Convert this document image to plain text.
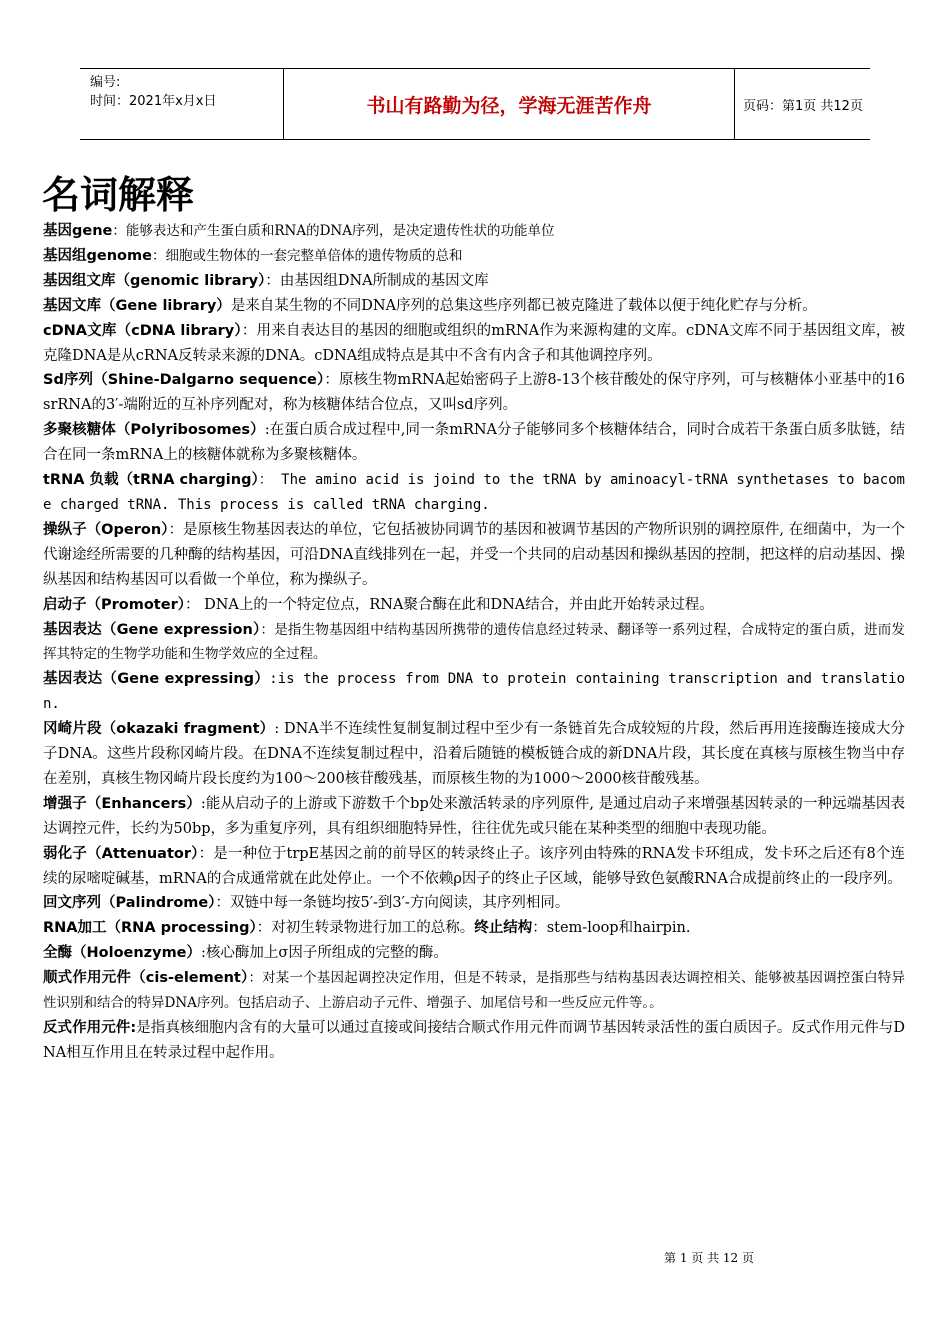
编号:
时间：2021年x月x日	书山有路勤为径，学海无涯苦作舟	页码：第1页 共12页
名词解释

基因gene：能够表达和产生蛋白质和RNA的DNA序列，是决定遗传性状的功能单位

基因组genome：细胞或生物体的一套完整单倍体的遗传物质的总和

基因组文库（genomic library）：由基因组DNA所制成的基因文库

基因文库（Gene library）是来自某生物的不同DNA序列的总集这些序列都已被克隆进了载体以便于纯化贮存与分析。

cDNA文库（cDNA library）：用来自表达目的基因的细胞或组织的mRNA作为来源构建的文库。cDNA文库不同于基因组文库，被克隆DNA是从cRNA反转录来源的DNA。cDNA组成特点是其中不含有内含子和其他调控序列。

Sd序列（Shine-Dalgarno sequence）：原核生物mRNA起始密码子上游8-13个核苷酸处的保守序列，可与核糖体小亚基中的16srRNA的3′-端附近的互补序列配对，称为核糖体结合位点，又叫sd序列。

多聚核糖体（Polyribosomes）:在蛋白质合成过程中,同一条mRNA分子能够同多个核糖体结合，同时合成若干条蛋白质多肽链，结合在同一条mRNA上的核糖体就称为多聚核糖体。

tRNA 负载（tRNA charging）： The amino acid is joind to the tRNA by aminoacyl-tRNA synthetases to bacome charged tRNA. This process is called tRNA charging.

操纵子（Operon）：是原核生物基因表达的单位，它包括被协同调节的基因和被调节基因的产物所识别的调控原件, 在细菌中，为一个代谢途经所需要的几种酶的结构基因，可沿DNA直线排列在一起，并受一个共同的启动基因和操纵基因的控制，把这样的启动基因、操纵基因和结构基因可以看做一个单位，称为操纵子。

启动子（Promoter）： DNA上的一个特定位点，RNA聚合酶在此和DNA结合，并由此开始转录过程。

基因表达（Gene expression）：是指生物基因组中结构基因所携带的遗传信息经过转录、翻译等一系列过程，合成特定的蛋白质，进而发挥其特定的生物学功能和生物学效应的全过程。

基因表达（Gene expressing）:is the process from DNA to protein containing transcription and translation.

冈崎片段（okazaki fragment）: DNA半不连续性复制复制过程中至少有一条链首先合成较短的片段，然后再用连接酶连接成大分子DNA。这些片段称冈崎片段。在DNA不连续复制过程中，沿着后随链的模板链合成的新DNA片段，其长度在真核与原核生物当中存在差别，真核生物冈崎片段长度约为100～200核苷酸残基，而原核生物的为1000～2000核苷酸残基。

增强子（Enhancers）:能从启动子的上游或下游数千个bp处来激活转录的序列原件, 是通过启动子来增强基因转录的一种远端基因表达调控元件，长约为50bp，多为重复序列，具有组织细胞特异性，往往优先或只能在某种类型的细胞中表现功能。

弱化子（Attenuator）：是一种位于trpE基因之前的前导区的转录终止子。该序列由特殊的RNA发卡环组成，发卡环之后还有8个连续的尿嘧啶碱基，mRNA的合成通常就在此处停止。一个不依赖ρ因子的终止子区域，能够导致色氨酸RNA合成提前终止的一段序列。

回文序列（Palindrome）：双链中每一条链均按5′-到3′-方向阅读，其序列相同。

RNA加工（RNA processing）：对初生转录物进行加工的总称。终止结构：stem-loop和hairpin.

全酶（Holoenzyme）:核心酶加上σ因子所组成的完整的酶。

顺式作用元件（cis-element）：对某一个基因起调控决定作用，但是不转录，是指那些与结构基因表达调控相关、能够被基因调控蛋白特异性识别和结合的特异DNA序列。包括启动子、上游启动子元件、增强子、加尾信号和一些反应元件等。。

反式作用元件:是指真核细胞内含有的大量可以通过直接或间接结合顺式作用元件而调节基因转录活性的蛋白质因子。反式作用元件与DNA相互作用且在转录过程中起作用。

第 1 页 共 12 页
